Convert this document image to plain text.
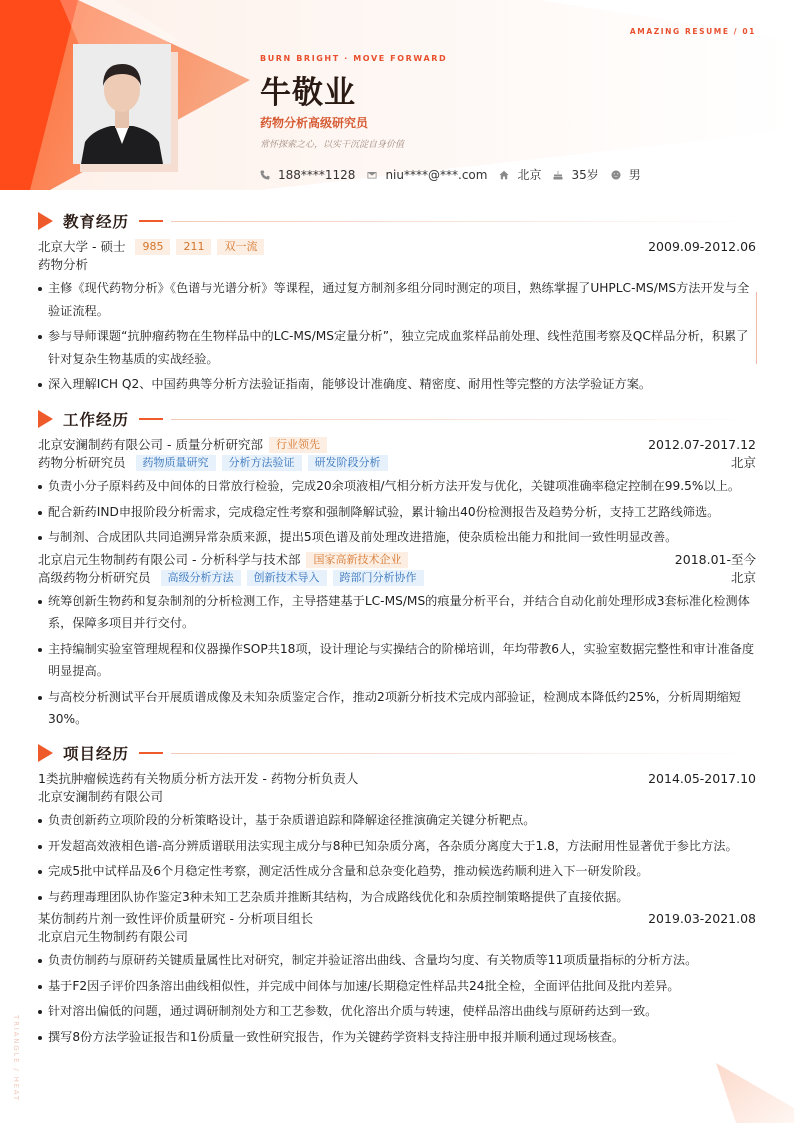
AMAZING RESUME / 01
TRIANGLE / HEAT
BURN BRIGHT · MOVE FORWARD
牛敬业
药物分析高级研究员
常怀探索之心，以实干沉淀自身价值
188****1128	niu****@***.com	北京	35岁	男
教育经历
北京大学 - 硕士	985	211	双一流	2009.09-2012.06
药物分析
主修《现代药物分析》《色谱与光谱分析》等课程，通过复方制剂多组分同时测定的项目，熟练掌握了UHPLC-MS/MS方法开发与全验证流程。
参与导师课题“抗肿瘤药物在生物样品中的LC-MS/MS定量分析”，独立完成血浆样品前处理、线性范围考察及QC样品分析，积累了针对复杂生物基质的实战经验。
深入理解ICH Q2、中国药典等分析方法验证指南，能够设计准确度、精密度、耐用性等完整的方法学验证方案。
工作经历
北京安澜制药有限公司 - 质量分析研究部	行业领先	2012.07-2017.12
药物分析研究员	药物质量研究	分析方法验证	研发阶段分析	北京
负责小分子原料药及中间体的日常放行检验，完成20余项液相/气相分析方法开发与优化，关键项准确率稳定控制在99.5%以上。
配合新药IND申报阶段分析需求，完成稳定性考察和强制降解试验，累计输出40份检测报告及趋势分析，支持工艺路线筛选。
与制剂、合成团队共同追溯异常杂质来源，提出5项色谱及前处理改进措施，使杂质检出能力和批间一致性明显改善。
北京启元生物制药有限公司 - 分析科学与技术部	国家高新技术企业	2018.01-至今
高级药物分析研究员	高级分析方法	创新技术导入	跨部门分析协作	北京
统筹创新生物药和复杂制剂的分析检测工作，主导搭建基于LC-MS/MS的痕量分析平台，并结合自动化前处理形成3套标准化检测体系，保障多项目并行交付。
主持编制实验室管理规程和仪器操作SOP共18项，设计理论与实操结合的阶梯培训，年均带教6人，实验室数据完整性和审计准备度明显提高。
与高校分析测试平台开展质谱成像及未知杂质鉴定合作，推动2项新分析技术完成内部验证，检测成本降低约25%，分析周期缩短30%。
项目经历
1类抗肿瘤候选药有关物质分析方法开发 - 药物分析负责人	2014.05-2017.10
北京安澜制药有限公司
负责创新药立项阶段的分析策略设计，基于杂质谱追踪和降解途径推演确定关键分析靶点。
开发超高效液相色谱-高分辨质谱联用法实现主成分与8种已知杂质分离，各杂质分离度大于1.8，方法耐用性显著优于参比方法。
完成5批中试样品及6个月稳定性考察，测定活性成分含量和总杂变化趋势，推动候选药顺利进入下一研发阶段。
与药理毒理团队协作鉴定3种未知工艺杂质并推断其结构，为合成路线优化和杂质控制策略提供了直接依据。
某仿制药片剂一致性评价质量研究 - 分析项目组长	2019.03-2021.08
北京启元生物制药有限公司
负责仿制药与原研药关键质量属性比对研究，制定并验证溶出曲线、含量均匀度、有关物质等11项质量指标的分析方法。
基于F2因子评价四条溶出曲线相似性，并完成中间体与加速/长期稳定性样品共24批全检，全面评估批间及批内差异。
针对溶出偏低的问题，通过调研制剂处方和工艺参数，优化溶出介质与转速，使样品溶出曲线与原研药达到一致。
撰写8份方法学验证报告和1份质量一致性研究报告，作为关键药学资料支持注册申报并顺利通过现场核查。
